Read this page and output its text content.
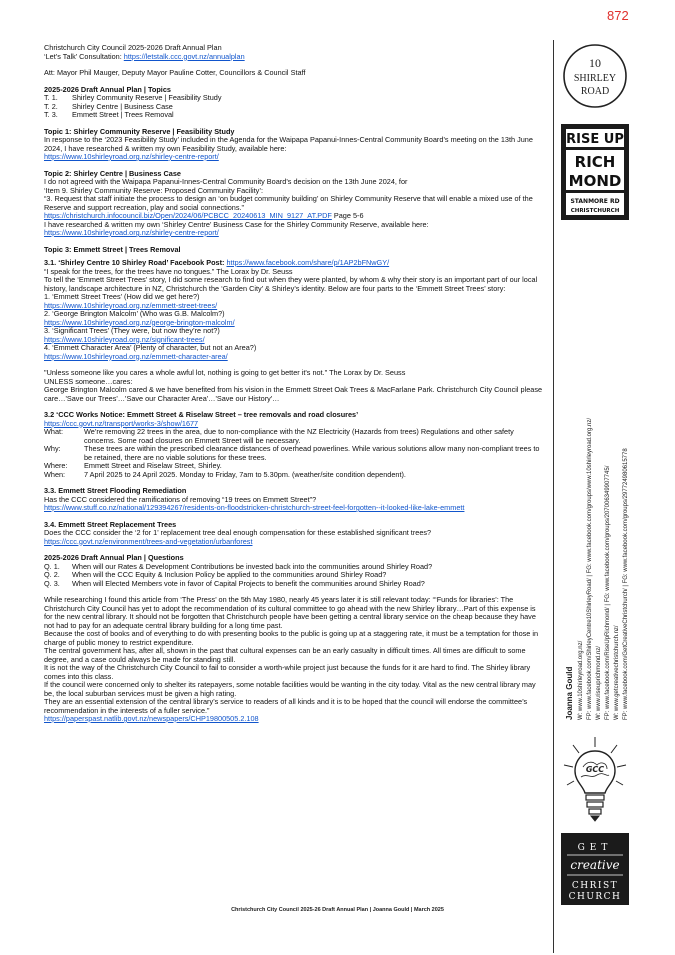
872
Christchurch City Council 2025-2026 Draft Annual Plan
‘Let’s Talk’ Consultation: https://letstalk.ccc.govt.nz/annualplan
Att: Mayor Phil Mauger, Deputy Mayor Pauline Cotter, Councillors & Council Staff
2025-2026 Draft Annual Plan | Topics
T. 1.	Shirley Community Reserve | Feasibility Study
T. 2.	Shirley Centre | Business Case
T. 3.	Emmett Street | Trees Removal
Topic 1: Shirley Community Reserve | Feasibility Study
In response to the ‘2023 Feasibility Study’ included in the Agenda for the Waipapa Papanui-Innes-Central Community Board’s meeting on the 13th June 2024, I have researched & written my own Feasibility Study, available here:
https://www.10shirleyroad.org.nz/shirley-centre-report/
Topic 2: Shirley Centre | Business Case
I do not agreed with the Waipapa Papanui-Innes-Central Community Board’s decision on the 13th June 2024, for
‘Item 9. Shirley Community Reserve: Proposed Community Facility’:
“3. Request that staff initiate the process to design an ‘on budget community building’ on Shirley Community Reserve that will enable a mixed use of the Reserve and support recreation, play and social connections.”
https://christchurch.infocouncil.biz/Open/2024/06/PCBCC_20240613_MIN_9127_AT.PDF Page 5-6
I have researched & written my own ‘Shirley Centre’ Business Case for the Shirley Community Reserve, available here:
https://www.10shirleyroad.org.nz/shirley-centre-report/
Topic 3: Emmett Street | Trees Removal
3.1. ‘Shirley Centre 10 Shirley Road’ Facebook Post: https://www.facebook.com/share/p/1AP2bFNwGY/
“I speak for the trees, for the trees have no tongues.” The Lorax by Dr. Seuss
To tell the ‘Emmett Street Trees’ story, I did some research to find out when they were planted, by whom & why their story is an important part of our local history, landscape architecture in NZ, Christchurch the ‘Garden City’ & Shirley’s identity. Below are four parts to the ‘Emmett Street Trees’ story:
1. ‘Emmett Street Trees’ (How did we get here?)
https://www.10shirleyroad.org.nz/emmett-street-trees/
2. ‘George Brington Malcolm’ (Who was G.B. Malcolm?)
https://www.10shirleyroad.org.nz/george-brington-malcolm/
3. ‘Significant Trees’ (They were, but now they’re not?)
https://www.10shirleyroad.org.nz/significant-trees/
4. ‘Emmett Character Area’ (Plenty of character, but not an Area?)
https://www.10shirleyroad.org.nz/emmett-character-area/
"Unless someone like you cares a whole awful lot, nothing is going to get better it's not." The Lorax by Dr. Seuss
UNLESS someone…cares:
George Brington Malcolm cared & we have benefited from his vision in the Emmett Street Oak Trees & MacFarlane Park. Christchurch City Council please care…'Save our Trees'…'Save our Character Area'…'Save our History'…
3.2 ‘CCC Works Notice: Emmett Street & Riselaw Street – tree removals and road closures’
https://ccc.govt.nz/transport/works-3/show/1677
What:	We’re removing 22 trees in the area, due to non-compliance with the NZ Electricity (Hazards from trees) Regulations and other safety concerns. Some road closures on Emmett Street will be necessary.
Why:	These trees are within the prescribed clearance distances of overhead powerlines. While various solutions allow many non-compliant trees to be retained, there are no viable solutions for these trees.
Where:	Emmett Street and Riselaw Street, Shirley.
When:	7 April 2025 to 24 April 2025. Monday to Friday, 7am to 5.30pm. (weather/site condition dependent).
3.3. Emmett Street Flooding Remediation
Has the CCC considered the ramifications of removing “19 trees on Emmett Street”?
https://www.stuff.co.nz/national/129394267/residents-on-floodstricken-christchurch-street-feel-forgotten--it-looked-like-lake-emmett
3.4. Emmett Street Replacement Trees
Does the CCC consider the ‘2 for 1’ replacement tree deal enough compensation for these established significant trees?
https://ccc.govt.nz/environment/trees-and-vegetation/urbanforest
2025-2026 Draft Annual Plan | Questions
Q. 1.	When will our Rates & Development Contributions be invested back into the communities around Shirley Road?
Q. 2.	When will the CCC Equity & Inclusion Policy be applied to the communities around Shirley Road?
Q. 3.	When will Elected Members vote in favor of Capital Projects to benefit the communities around Shirley Road?
While researching I found this article from ‘The Press’ on the 5th May 1980, nearly 45 years later it is still relevant today: “‘Funds for libraries’: The Christchurch City Council has yet to adopt the recommendation of its cultural committee to go ahead with the new Shirley library…Part of this expense is for the new central library. It should not be forgotten that Christchurch people have been getting a central library service on the cheap because they have not had to pay for an adequate central library building for a long time past.
Because the cost of books and of everything to do with presenting books to the public is going up at a staggering rate, it must be a temptation for those in charge of public money to restrict expenditure.
The central government has, after all, shown in the past that cultural expenses can be an early casualty in difficult times. All times are difficult to some degree, and a case could always be made for standing still.
It is not the way of the Christchurch City Council to fail to consider a worth-while project just because the funds for it are hard to find. The Shirley library comes into this class.
If the council were concerned only to shelter its ratepayers, some notable facilities would be wanting in the city today. Vital as the new central library may be, the local suburban services must be given a high rating.
They are an essential extension of the central library’s service to readers of all kinds and it is to be hoped that the council will endorse the committee’s recommendation in the interests of a fuller service.”
https://paperspast.natlib.govt.nz/newspapers/CHP19800505.2.108
10
SHIRLEY
ROAD
RISE UP
RICH
MOND
STANMORE RD
CHRISTCHURCH
Joanna Gould W: www.10shirleyroad.org.nz/ FP: www.facebook.com/ShirleyCentre10ShirleyRoad/ | FG: www.facebook.com/groups/www.10shirleyroad.org.nz/ W: www.riseuprichmond.nz/ FP: www.facebook.com/RiseUpRichmond/ | FG: www.facebook.com/groups/207006349907745/ W: www.getcreativechristchurch.nz/ FP: www.facebook.com/GetCreativeChristchurch/ | FG: www.facebook.com/groups/297724980615778
GCC
GET
creative
CHRIST
CHURCH
Christchurch City Council 2025-26 Draft Annual Plan | Joanna Gould | March 2025
